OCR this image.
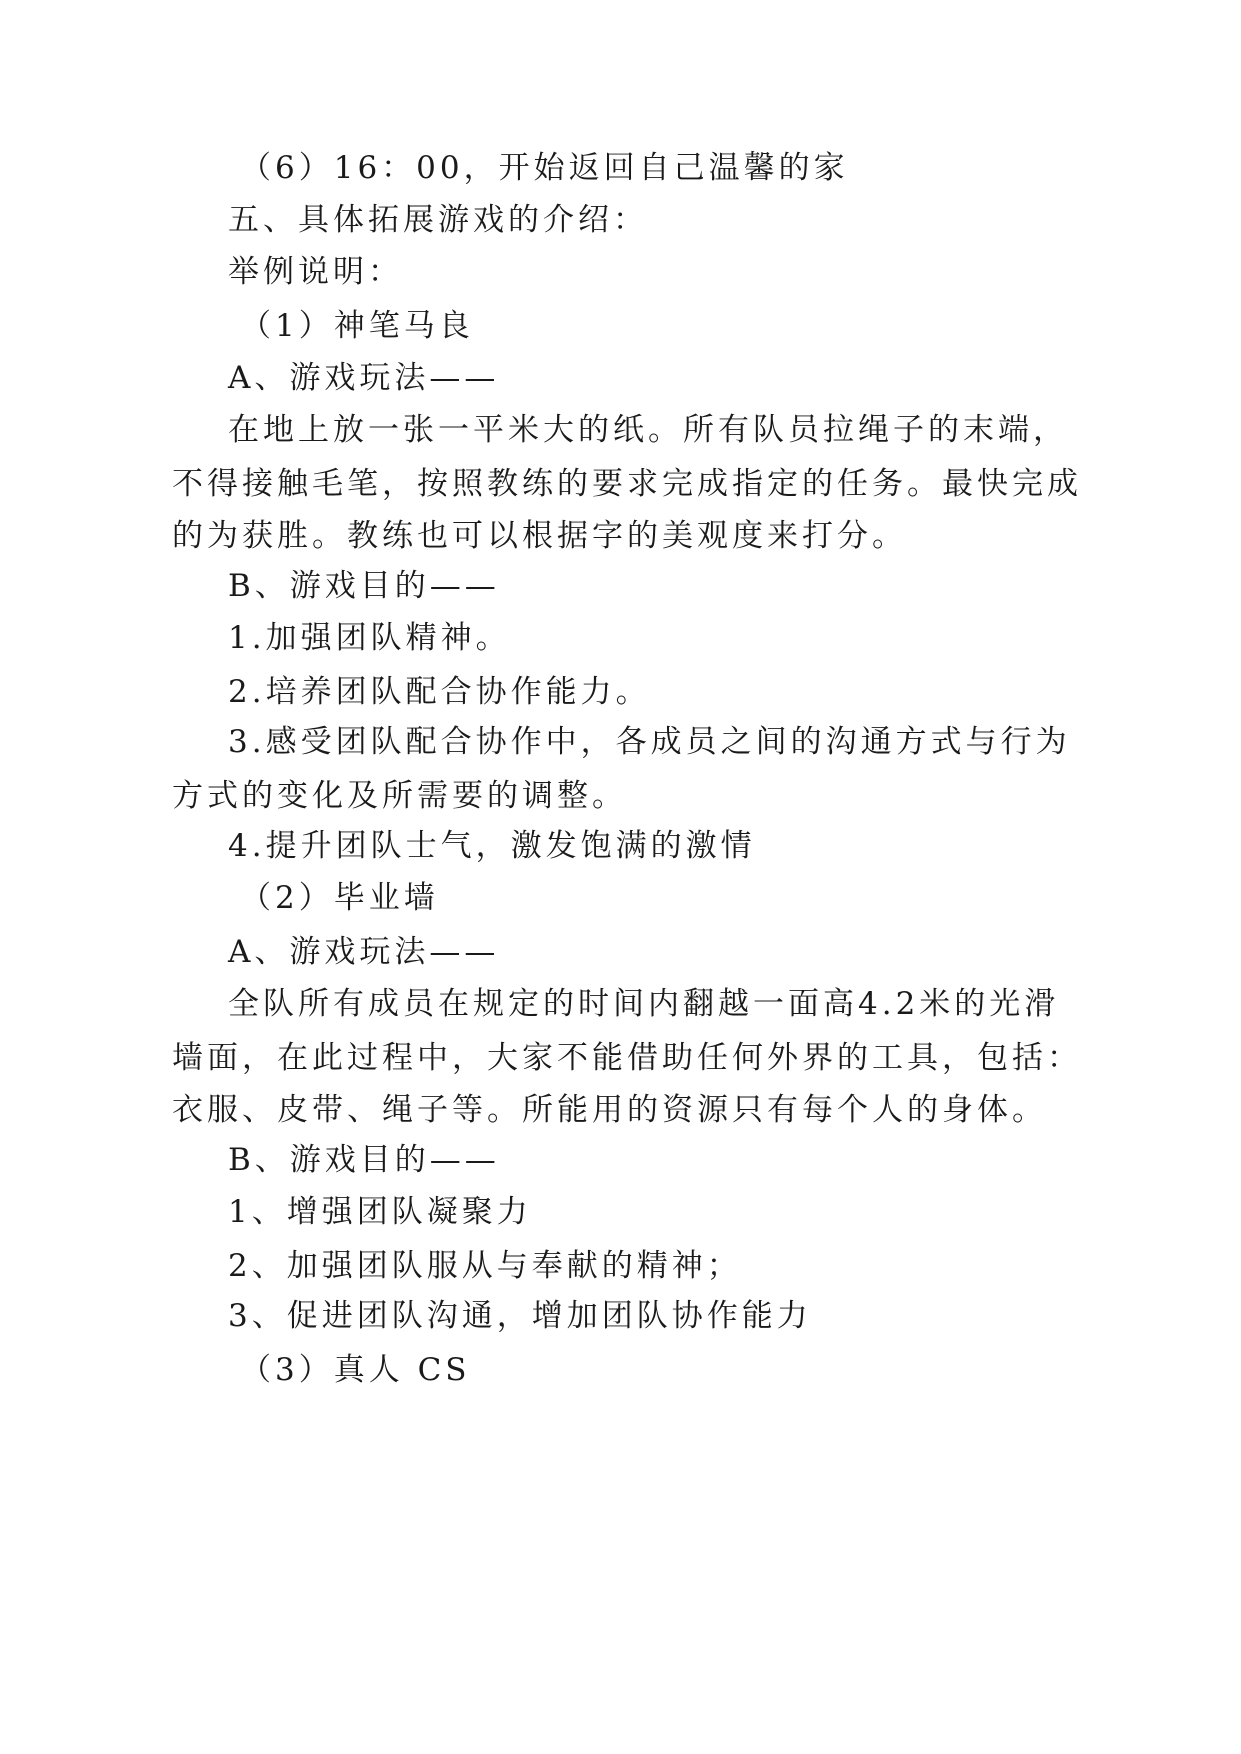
（6）16：00，开始返回自己温馨的家
五、具体拓展游戏的介绍：
举例说明：
（1）神笔马良
A、游戏玩法——
在地上放一张一平米大的纸。所有队员拉绳子的末端，
不得接触毛笔，按照教练的要求完成指定的任务。最快完成
的为获胜。教练也可以根据字的美观度来打分。
B、游戏目的——
1.加强团队精神。
2.培养团队配合协作能力。
3.感受团队配合协作中，各成员之间的沟通方式与行为
方式的变化及所需要的调整。
4.提升团队士气，激发饱满的激情
（2）毕业墙
A、游戏玩法——
全队所有成员在规定的时间内翻越一面高4.2米的光滑
墙面，在此过程中，大家不能借助任何外界的工具，包括：
衣服、皮带、绳子等。所能用的资源只有每个人的身体。
B、游戏目的——
1、增强团队凝聚力
2、加强团队服从与奉献的精神；
3、促进团队沟通，增加团队协作能力
（3）真人 CS
